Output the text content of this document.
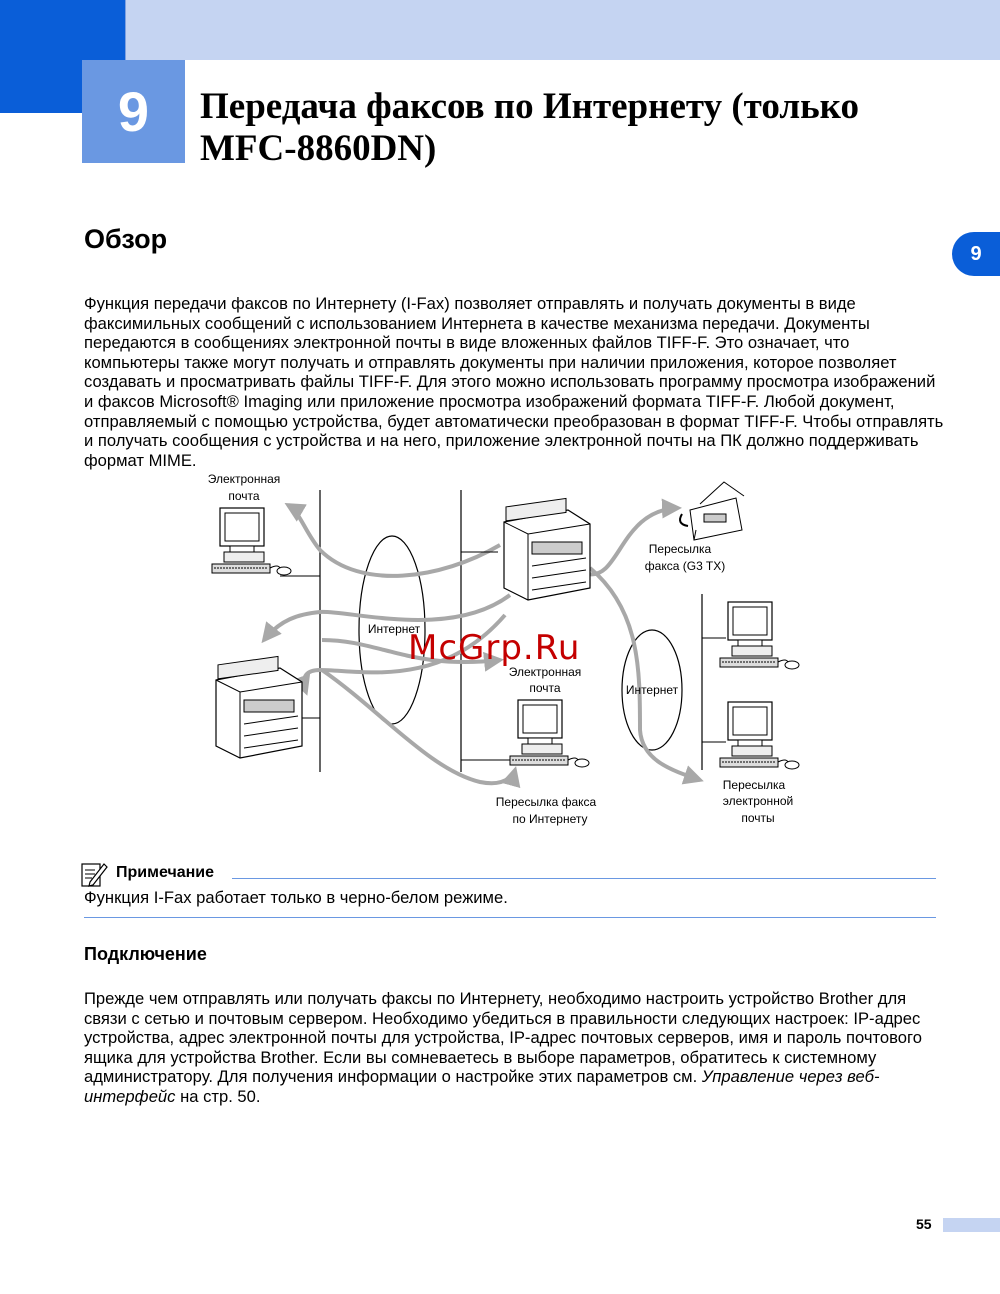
9	Передача факсов по Интернету (только MFC-8860DN)
9
Обзор

Функция передачи факсов по Интернету (I-Fax) позволяет отправлять и получать документы в виде факсимильных сообщений с использованием Интернета в качестве механизма передачи. Документы передаются в сообщениях электронной почты в виде вложенных файлов TIFF-F. Это означает, что компьютеры также могут получать и отправлять документы при наличии приложения, которое позволяет создавать и просматривать файлы TIFF-F. Для этого можно использовать программу просмотра изображений и факсов Microsoft® Imaging или приложение просмотра изображений формата TIFF-F. Любой документ, отправляемый с помощью устройства, будет автоматически преобразован в формат TIFF-F. Чтобы отправлять и получать сообщения с устройства и на него, приложение электронной почты на ПК должно поддерживать формат MIME.

Электронная
почта
Интернет
Пересылка
факса (G3 TX)
Электронная
почта	Интернет
Пересылка факса
по Интернету
Пересылка
электронной
почты
McGrp.Ru
Примечание
Функция I-Fax работает только в черно-белом режиме.
Подключение

Прежде чем отправлять или получать факсы по Интернету, необходимо настроить устройство Brother для связи с сетью и почтовым сервером. Необходимо убедиться в правильности следующих настроек: IP-адрес устройства, адрес электронной почты для устройства, IP-адрес почтовых серверов, имя и пароль почтового ящика для устройства Brother. Если вы сомневаетесь в выборе параметров, обратитесь к системному администратору. Для получения информации о настройке этих параметров см. Управление через веб-интерфейс на стр. 50.

55
